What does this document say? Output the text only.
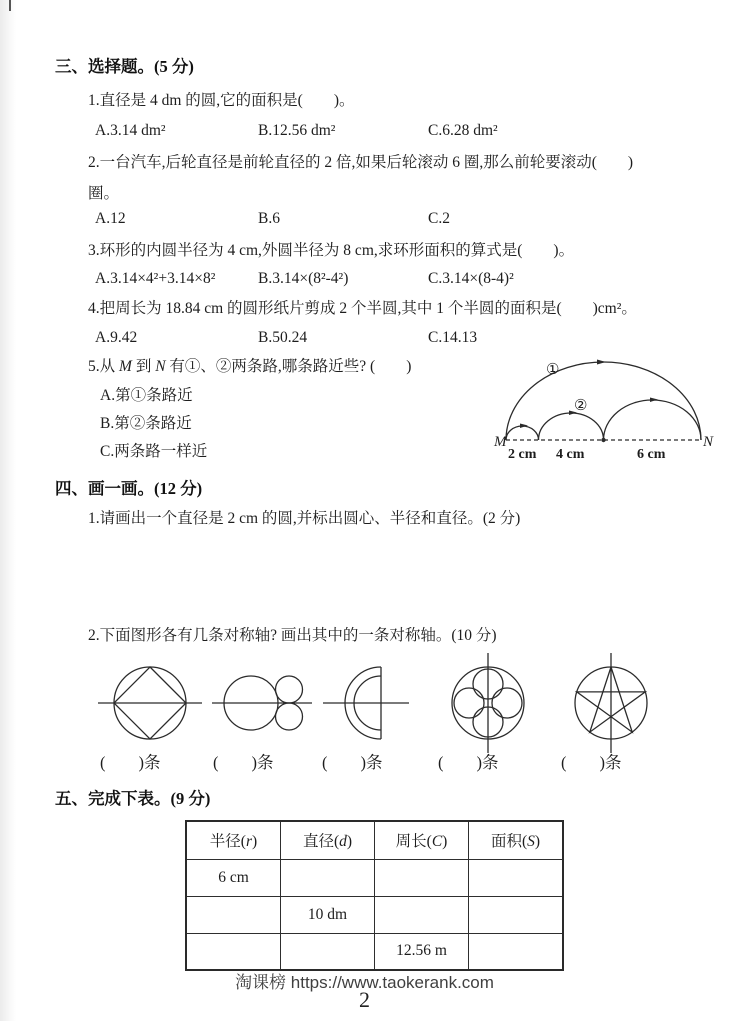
三、选择题。(5 分)
1.直径是 4 dm 的圆,它的面积是(　　)。
A.3.14 dm²	B.12.56 dm²	C.6.28 dm²
2.一台汽车,后轮直径是前轮直径的 2 倍,如果后轮滚动 6 圈,那么前轮要滚动(　　)
圈。
A.12	B.6	C.2
3.环形的内圆半径为 4 cm,外圆半径为 8 cm,求环形面积的算式是(　　)。
A.3.14×4²+3.14×8²	B.3.14×(8²-4²)	C.3.14×(8-4)²
4.把周长为 18.84 cm 的圆形纸片剪成 2 个半圆,其中 1 个半圆的面积是(　　)cm²。
A.9.42	B.50.24	C.14.13
5.从 M 到 N 有①、②两条路,哪条路近些? (　　)
A.第①条路近
B.第②条路近
C.两条路一样近
①
②
M	N
2 cm 4 cm	6 cm
四、画一画。(12 分)
1.请画出一个直径是 2 cm 的圆,并标出圆心、半径和直径。(2 分)
2.下面图形各有几条对称轴? 画出其中的一条对称轴。(10 分)
(　　)条	(　　)条	(　　)条	(　　)条	(　　)条
五、完成下表。(9 分)
半径(r)	直径(d)	周长(C)	面积(S)
6 cm			
	10 dm		
		12.56 m	
淘课榜 https://www.taokerank.com
2
